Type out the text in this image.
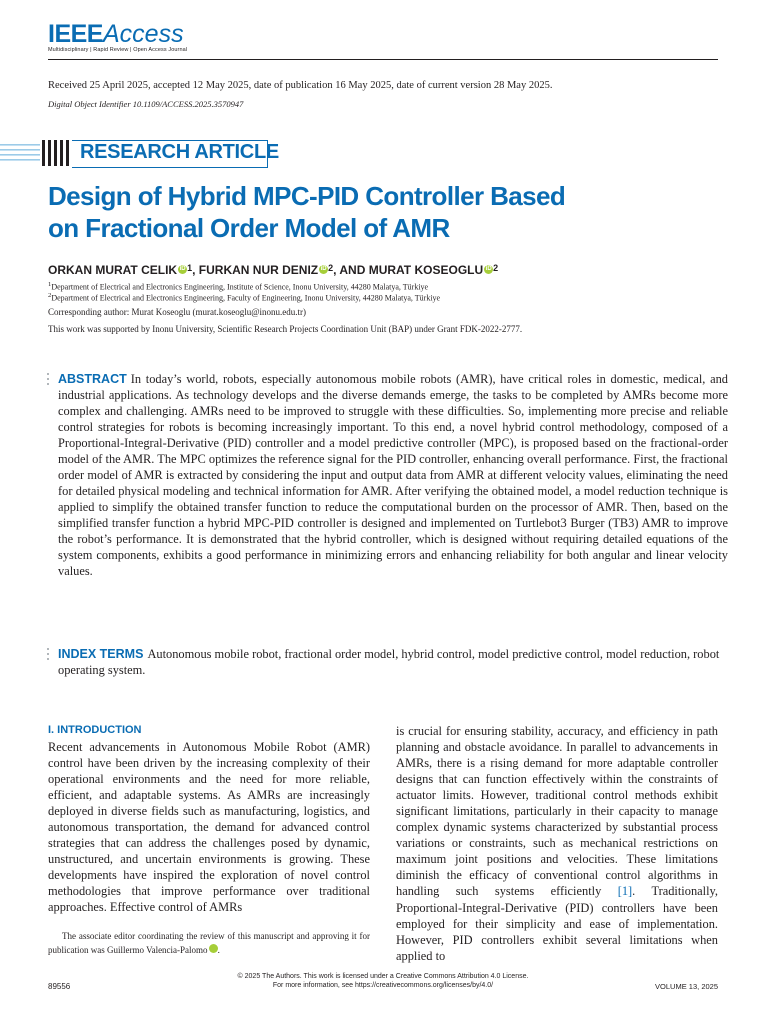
IEEEAccess
Multidisciplinary | Rapid Review | Open Access Journal
Received 25 April 2025, accepted 12 May 2025, date of publication 16 May 2025, date of current version 28 May 2025.
Digital Object Identifier 10.1109/ACCESS.2025.3570947
RESEARCH ARTICLE
Design of Hybrid MPC-PID Controller Based
on Fractional Order Model of AMR
ORKAN MURAT CELIK iD $^1$, FURKAN NUR DENIZ iD $^2$, AND MURAT KOSEOGLU iD $^2$
$^1$Department of Electrical and Electronics Engineering, Institute of Science, Inonu University, 44280 Malatya, Türkiye
$^2$Department of Electrical and Electronics Engineering, Faculty of Engineering, Inonu University, 44280 Malatya, Türkiye
Corresponding author: Murat Koseoglu (murat.koseoglu@inonu.edu.tr)
This work was supported by Inonu University, Scientific Research Projects Coordination Unit (BAP) under Grant FDK-2022-2777.
ABSTRACT In today’s world, robots, especially autonomous mobile robots (AMR), have critical roles in domestic, medical, and industrial applications. As technology develops and the diverse demands emerge, the tasks to be completed by AMRs become more complex and challenging. AMRs need to be improved to struggle with these difficulties. So, implementing more precise and reliable control strategies for robots is becoming increasingly important. To this end, a novel hybrid control methodology, composed of a Proportional-Integral-Derivative (PID) controller and a model predictive controller (MPC), is proposed based on the fractional-order model of the AMR. The MPC optimizes the reference signal for the PID controller, enhancing overall performance. First, the fractional order model of AMR is extracted by considering the input and output data from AMR at different velocity values, eliminating the need for detailed physical modeling and technical information for AMR. After verifying the obtained model, a model reduction technique is applied to simplify the obtained transfer function to reduce the computational burden on the processor of AMR. Then, based on the simplified transfer function a hybrid MPC-PID controller is designed and implemented on Turtlebot3 Burger (TB3) AMR to improve the robot’s performance. It is demonstrated that the hybrid controller, which is designed without requiring detailed equations of the system components, exhibits a good performance in minimizing errors and enhancing reliability for both angular and linear velocity values.
INDEX TERMS Autonomous mobile robot, fractional order model, hybrid control, model predictive control, model reduction, robot operating system.
I. INTRODUCTION
Recent advancements in Autonomous Mobile Robot (AMR) control have been driven by the increasing complexity of their operational environments and the need for more reliable, efficient, and adaptable systems. As AMRs are increasingly deployed in diverse fields such as manufacturing, logistics, and autonomous transportation, the demand for advanced control strategies that can address the challenges posed by dynamic, unstructured, and uncertain environments is growing. These developments have inspired the exploration of novel control methodologies that improve performance over traditional approaches. Effective control of AMRs
is crucial for ensuring stability, accuracy, and efficiency in path planning and obstacle avoidance. In parallel to advancements in AMRs, there is a rising demand for more adaptable controller designs that can function effectively within the constraints of actuator limits. However, traditional control methods exhibit significant limitations, particularly in their capacity to manage complex dynamic systems characterized by substantial process variations or constraints, such as mechanical restrictions on maximum joint positions and velocities. These limitations diminish the efficacy of conventional control algorithms in handling such systems efficiently [1]. Traditionally, Proportional-Integral-Derivative (PID) controllers have been employed for their simplicity and ease of implementation. However, PID controllers exhibit several limitations when applied to

The associate editor coordinating the review of this manuscript and approving it for publication was Guillermo Valencia-Palomo	iD.

89556
© 2025 The Authors. This work is licensed under a Creative Commons Attribution 4.0 License.
For more information, see https://creativecommons.org/licenses/by/4.0/	VOLUME 13, 2025
